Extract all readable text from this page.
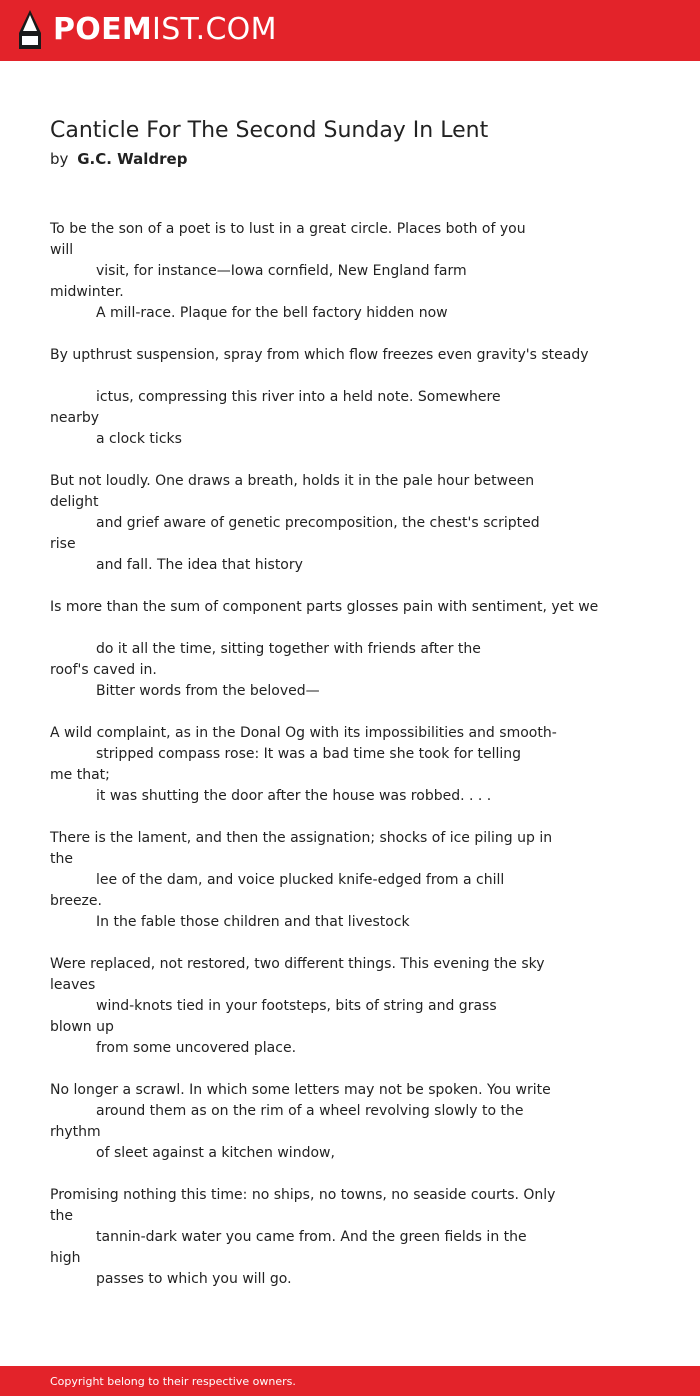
POEMIST.COM
Canticle For The Second Sunday In Lent
by G.C. Waldrep
To be the son of a poet is to lust in a great circle. Places both of you
will
visit, for instance—Iowa cornfield, New England farm
midwinter.
A mill-race. Plaque for the bell factory hidden now
By upthrust suspension, spray from which flow freezes even gravity's steady
ictus, compressing this river into a held note. Somewhere
nearby
a clock ticks
But not loudly. One draws a breath, holds it in the pale hour between
delight
and grief aware of genetic precomposition, the chest's scripted
rise
and fall. The idea that history
Is more than the sum of component parts glosses pain with sentiment, yet we
do it all the time, sitting together with friends after the
roof's caved in.
Bitter words from the beloved—
A wild complaint, as in the Donal Og with its impossibilities and smooth-
stripped compass rose: It was a bad time she took for telling
me that;
it was shutting the door after the house was robbed. . . .
There is the lament, and then the assignation; shocks of ice piling up in
the
lee of the dam, and voice plucked knife-edged from a chill
breeze.
In the fable those children and that livestock
Were replaced, not restored, two different things. This evening the sky
leaves
wind-knots tied in your footsteps, bits of string and grass
blown up
from some uncovered place.
No longer a scrawl. In which some letters may not be spoken. You write
around them as on the rim of a wheel revolving slowly to the
rhythm
of sleet against a kitchen window,
Promising nothing this time: no ships, no towns, no seaside courts. Only
the
tannin-dark water you came from. And the green fields in the
high
passes to which you will go.
Copyright belong to their respective owners.
